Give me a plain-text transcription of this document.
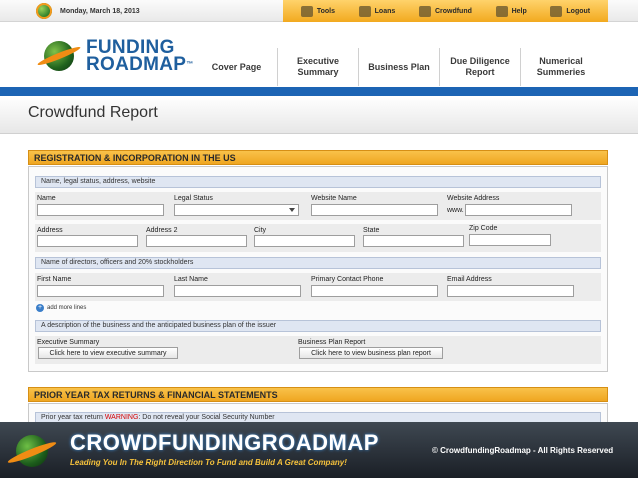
Monday, March 18, 2013	Tools	Loans	Crowdfund	Help	Logout
FUNDING
ROADMAP™ Cover Page
Executive
Summary
Business Plan
Due Diligence
Report
Numerical
Summeries
Crowdfund Report
REGISTRATION & INCORPORATION IN THE US
Name, legal status, address, website
Name	Legal Status	Website Name	Website Address
www.
Address	Address 2	City	State	Zip Code
Name of directors, officers and 20% stockholders
First Name	Last Name	Primary Contact Phone	Email Address
+ add more lines
A description of the business and the anticipated business plan of the issuer
Executive Summary
Click here to view executive summary
Business Plan Report
Click here to view business plan report
PRIOR YEAR TAX RETURNS & FINANCIAL STATEMENTS
Prior year tax return WARNING: Do not reveal your Social Security Number
CROWDFUNDINGROADMAP
Leading You In The Right Direction To Fund and Build A Great Company!
© CrowdfundingRoadmap - All Rights Reserved
